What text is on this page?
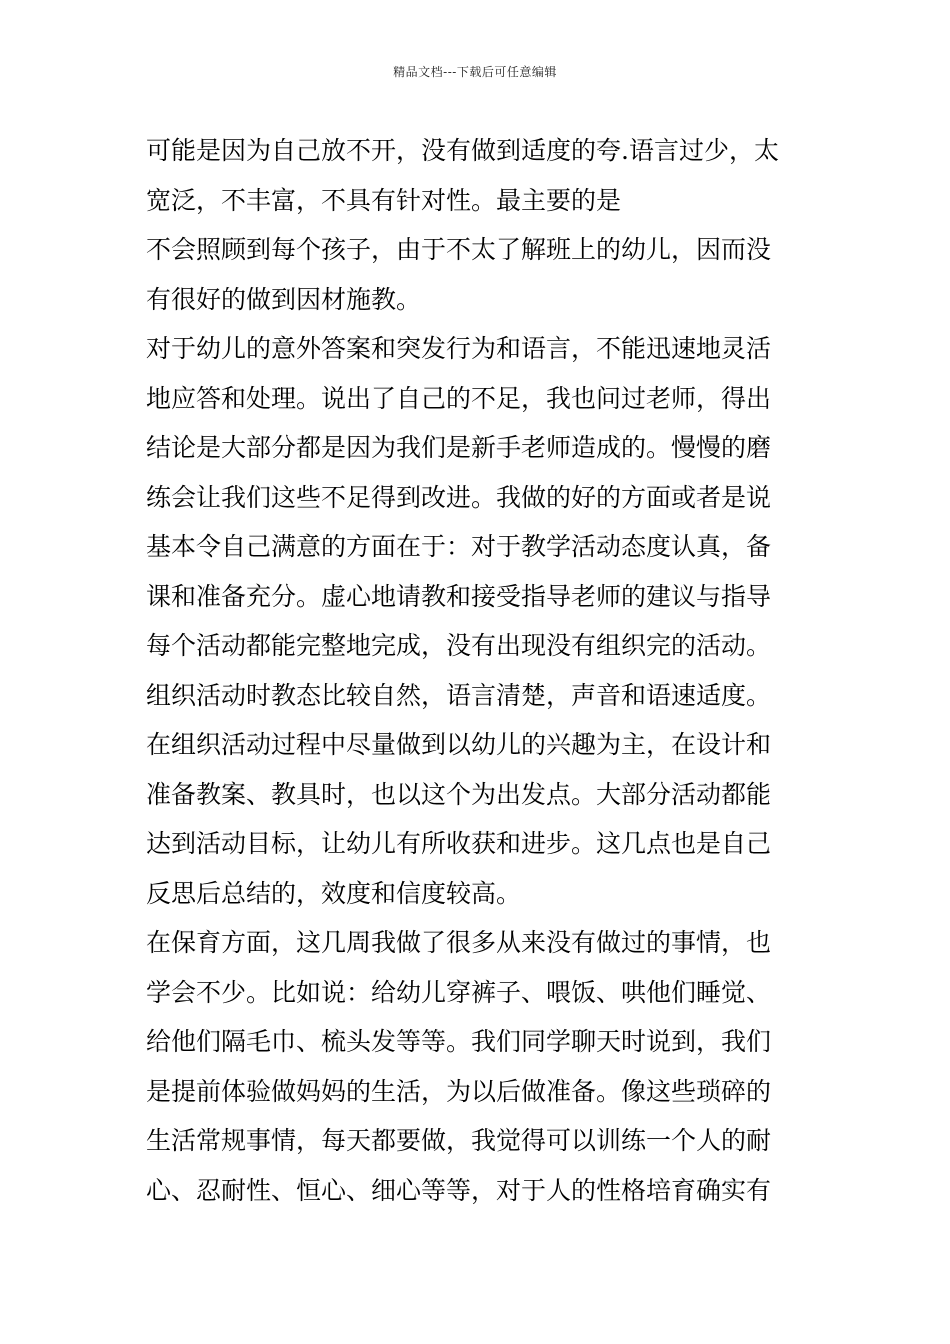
精品文档---下载后可任意编辑
可能是因为自己放不开，没有做到适度的夸.语言过少，太
宽泛，不丰富，不具有针对性。最主要的是
不会照顾到每个孩子，由于不太了解班上的幼儿，因而没
有很好的做到因材施教。
对于幼儿的意外答案和突发行为和语言，不能迅速地灵活
地应答和处理。说出了自己的不足，我也问过老师，得出
结论是大部分都是因为我们是新手老师造成的。慢慢的磨
练会让我们这些不足得到改进。我做的好的方面或者是说
基本令自己满意的方面在于：对于教学活动态度认真，备
课和准备充分。虚心地请教和接受指导老师的建议与指导
每个活动都能完整地完成，没有出现没有组织完的活动。
组织活动时教态比较自然，语言清楚，声音和语速适度。
在组织活动过程中尽量做到以幼儿的兴趣为主，在设计和
准备教案、教具时，也以这个为出发点。大部分活动都能
达到活动目标，让幼儿有所收获和进步。这几点也是自己
反思后总结的，效度和信度较高。
在保育方面，这几周我做了很多从来没有做过的事情，也
学会不少。比如说：给幼儿穿裤子、喂饭、哄他们睡觉、
给他们隔毛巾、梳头发等等。我们同学聊天时说到，我们
是提前体验做妈妈的生活，为以后做准备。像这些琐碎的
生活常规事情，每天都要做，我觉得可以训练一个人的耐
心、忍耐性、恒心、细心等等，对于人的性格培育确实有
